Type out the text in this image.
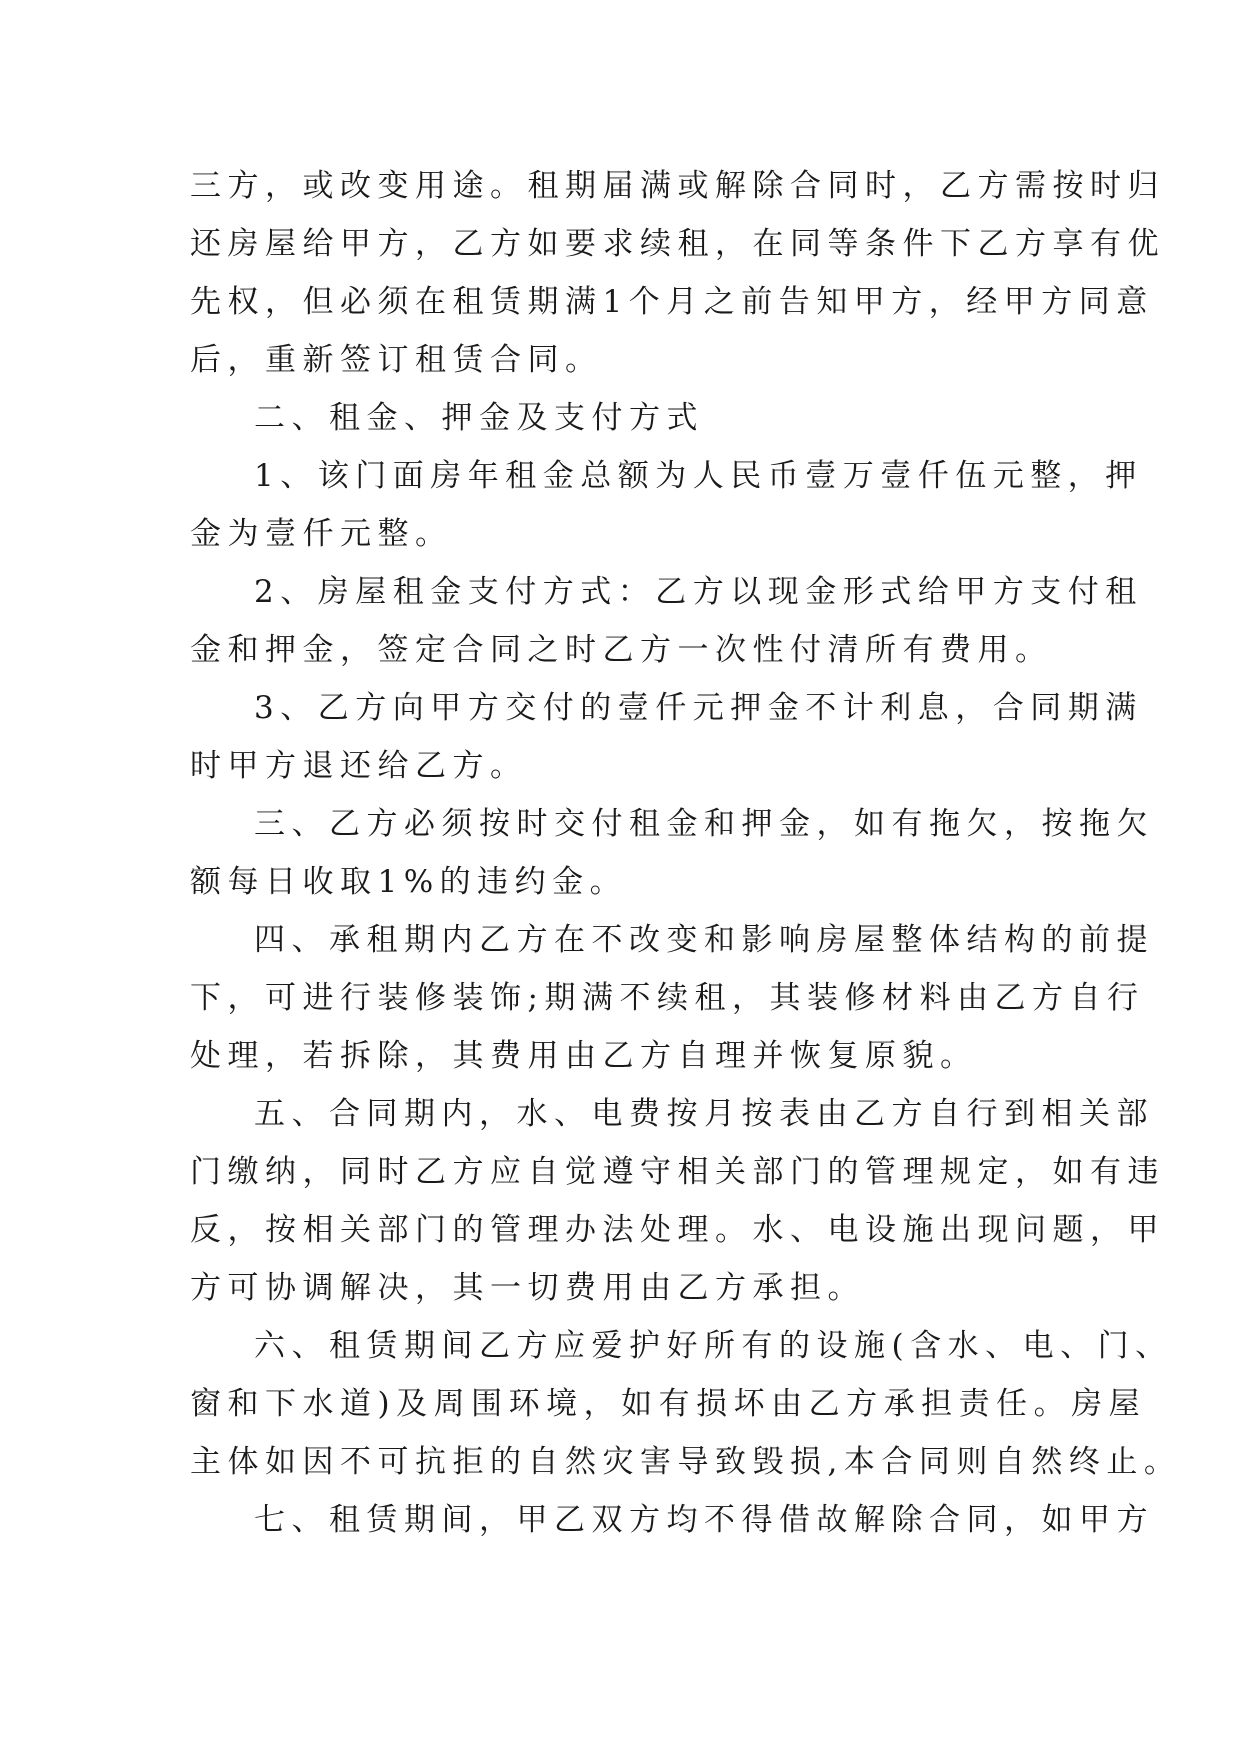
三方，或改变用途。租期届满或解除合同时，乙方需按时归
还房屋给甲方，乙方如要求续租，在同等条件下乙方享有优
先权，但必须在租赁期满1个月之前告知甲方，经甲方同意
后，重新签订租赁合同。
二、租金、押金及支付方式
1、该门面房年租金总额为人民币壹万壹仟伍元整，押
金为壹仟元整。
2、房屋租金支付方式：乙方以现金形式给甲方支付租
金和押金，签定合同之时乙方一次性付清所有费用。
3、乙方向甲方交付的壹仟元押金不计利息，合同期满
时甲方退还给乙方。
三、乙方必须按时交付租金和押金，如有拖欠，按拖欠
额每日收取1%的违约金。
四、承租期内乙方在不改变和影响房屋整体结构的前提
下，可进行装修装饰;期满不续租，其装修材料由乙方自行
处理，若拆除，其费用由乙方自理并恢复原貌。
五、合同期内，水、电费按月按表由乙方自行到相关部
门缴纳，同时乙方应自觉遵守相关部门的管理规定，如有违
反，按相关部门的管理办法处理。水、电设施出现问题，甲
方可协调解决，其一切费用由乙方承担。
六、租赁期间乙方应爱护好所有的设施(含水、电、门、
窗和下水道)及周围环境，如有损坏由乙方承担责任。房屋
主体如因不可抗拒的自然灾害导致毁损,本合同则自然终止。
七、租赁期间，甲乙双方均不得借故解除合同，如甲方
